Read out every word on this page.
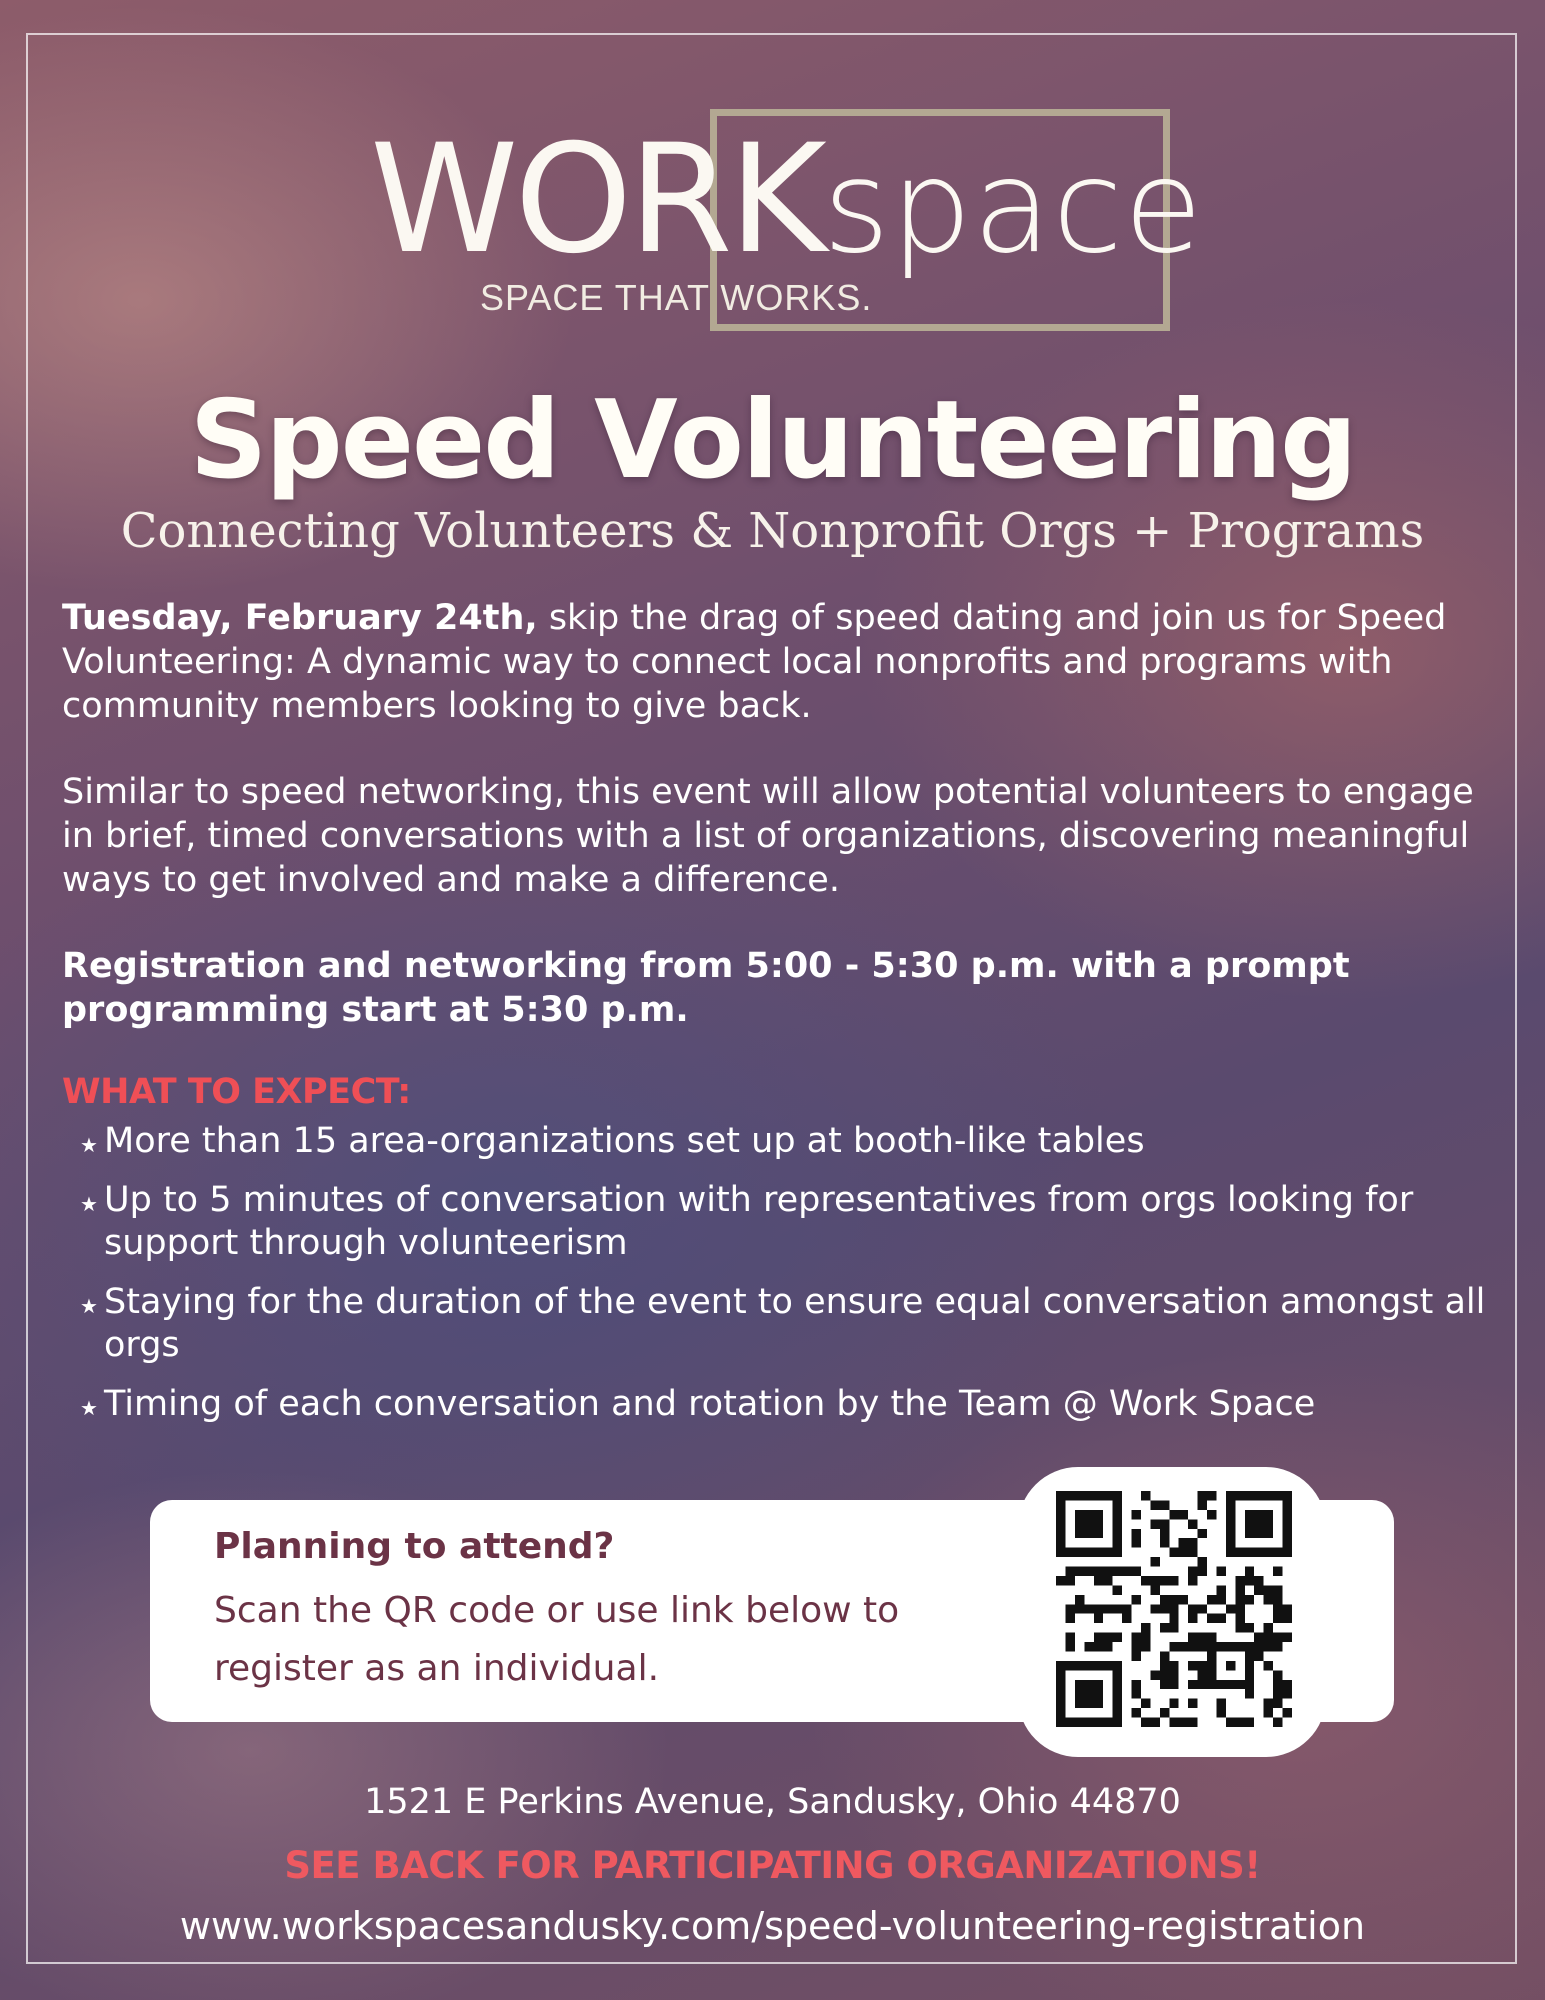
WORKspace
SPACE THAT WORKS.
Speed Volunteering
Connecting Volunteers & Nonprofit Orgs + Programs

Tuesday, February 24th, skip the drag of speed dating and join us for Speed Volunteering: A dynamic way to connect local nonprofits and programs with community members looking to give back.

Similar to speed networking, this event will allow potential volunteers to engage in brief, timed conversations with a list of organizations, discovering meaningful ways to get involved and make a difference.

Registration and networking from 5:00 - 5:30 p.m. with a prompt programming start at 5:30 p.m.

WHAT TO EXPECT:
★ More than 15 area-organizations set up at booth-like tables
★ Up to 5 minutes of conversation with representatives from orgs looking for support through volunteerism
★ Staying for the duration of the event to ensure equal conversation amongst all orgs
★ Timing of each conversation and rotation by the Team @ Work Space
Planning to attend?
Scan the QR code or use link below to register as an individual.
1521 E Perkins Avenue, Sandusky, Ohio 44870
SEE BACK FOR PARTICIPATING ORGANIZATIONS!
www.workspacesandusky.com/speed-volunteering-registration
